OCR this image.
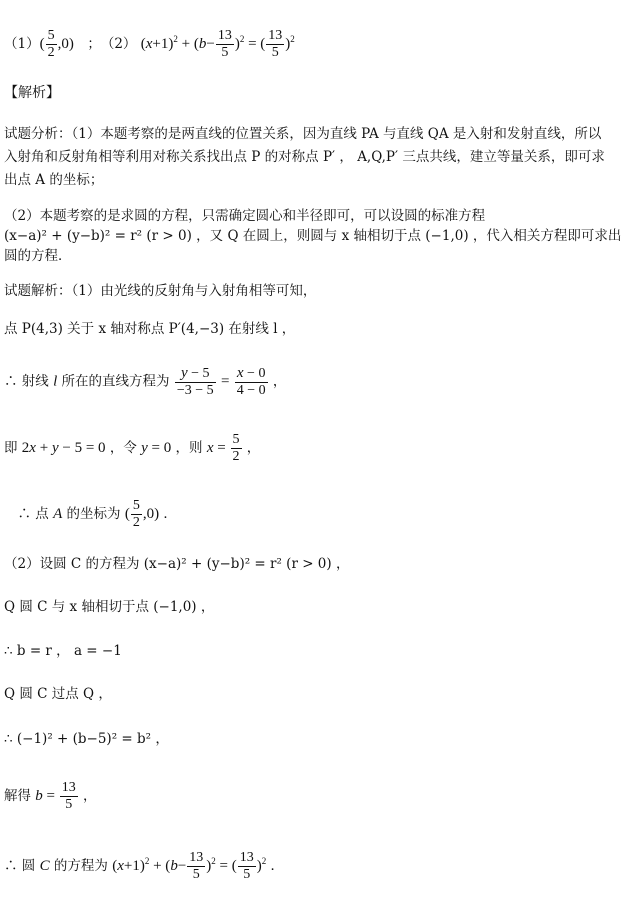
$(1)( \frac{5}{2} ,0)$　；　（2） $(x+1)^2 + (b- \frac{13}{5} )^2$ = ( $\frac{13}{5} )^2$
【解析】
试题分析：（1）本题考察的是两直线的位置关系，因为直线 PA 与直线 QA 是入射和发射直线，所以
入射角和反射角相等利用对称关系找出点 P 的对称点 P′ ， A,Q,P′ 三点共线，建立等量关系，即可求
出点 A 的坐标；
（2）本题考察的是求圆的方程，只需确定圆心和半径即可，可以设圆的标准方程
(x−a)² + (y−b)² = r² (r > 0) ，又 Q 在圆上，则圆与 x 轴相切于点 (−1,0) ，代入相关方程即可求出
圆的方程．
试题解析：（1）由光线的反射角与入射角相等可知，
点 P(4,3) 关于 x 轴对称点 P′(4,−3) 在射线 l ，
∴ 射线 l 所在的直线方程为 $\frac{y - 5}{-3 - 5} = \frac{x - 0}{4 - 0}$ ，
即 2x + y − 5 = 0 ，令 y = 0 ，则 $x = \frac{5}{2}$ ，
　∴ 点 A 的坐标为 ( $\frac{5}{2} ,0$) ．
（2）设圆 C 的方程为 (x−a)² + (y−b)² = r² (r > 0) ，
Q 圆 C 与 x 轴相切于点 (−1,0) ，
∴ b = r ， a = −1
Q 圆 C 过点 Q ，
∴ (−1)² + (b−5)² = b² ，
解得 $b = \frac{13}{5}$ ，
∴ 圆 C 的方程为 $(x+1)^2 + (b- \frac{13}{5} )^2$ = ( $\frac{13}{5} )^2$ ．
